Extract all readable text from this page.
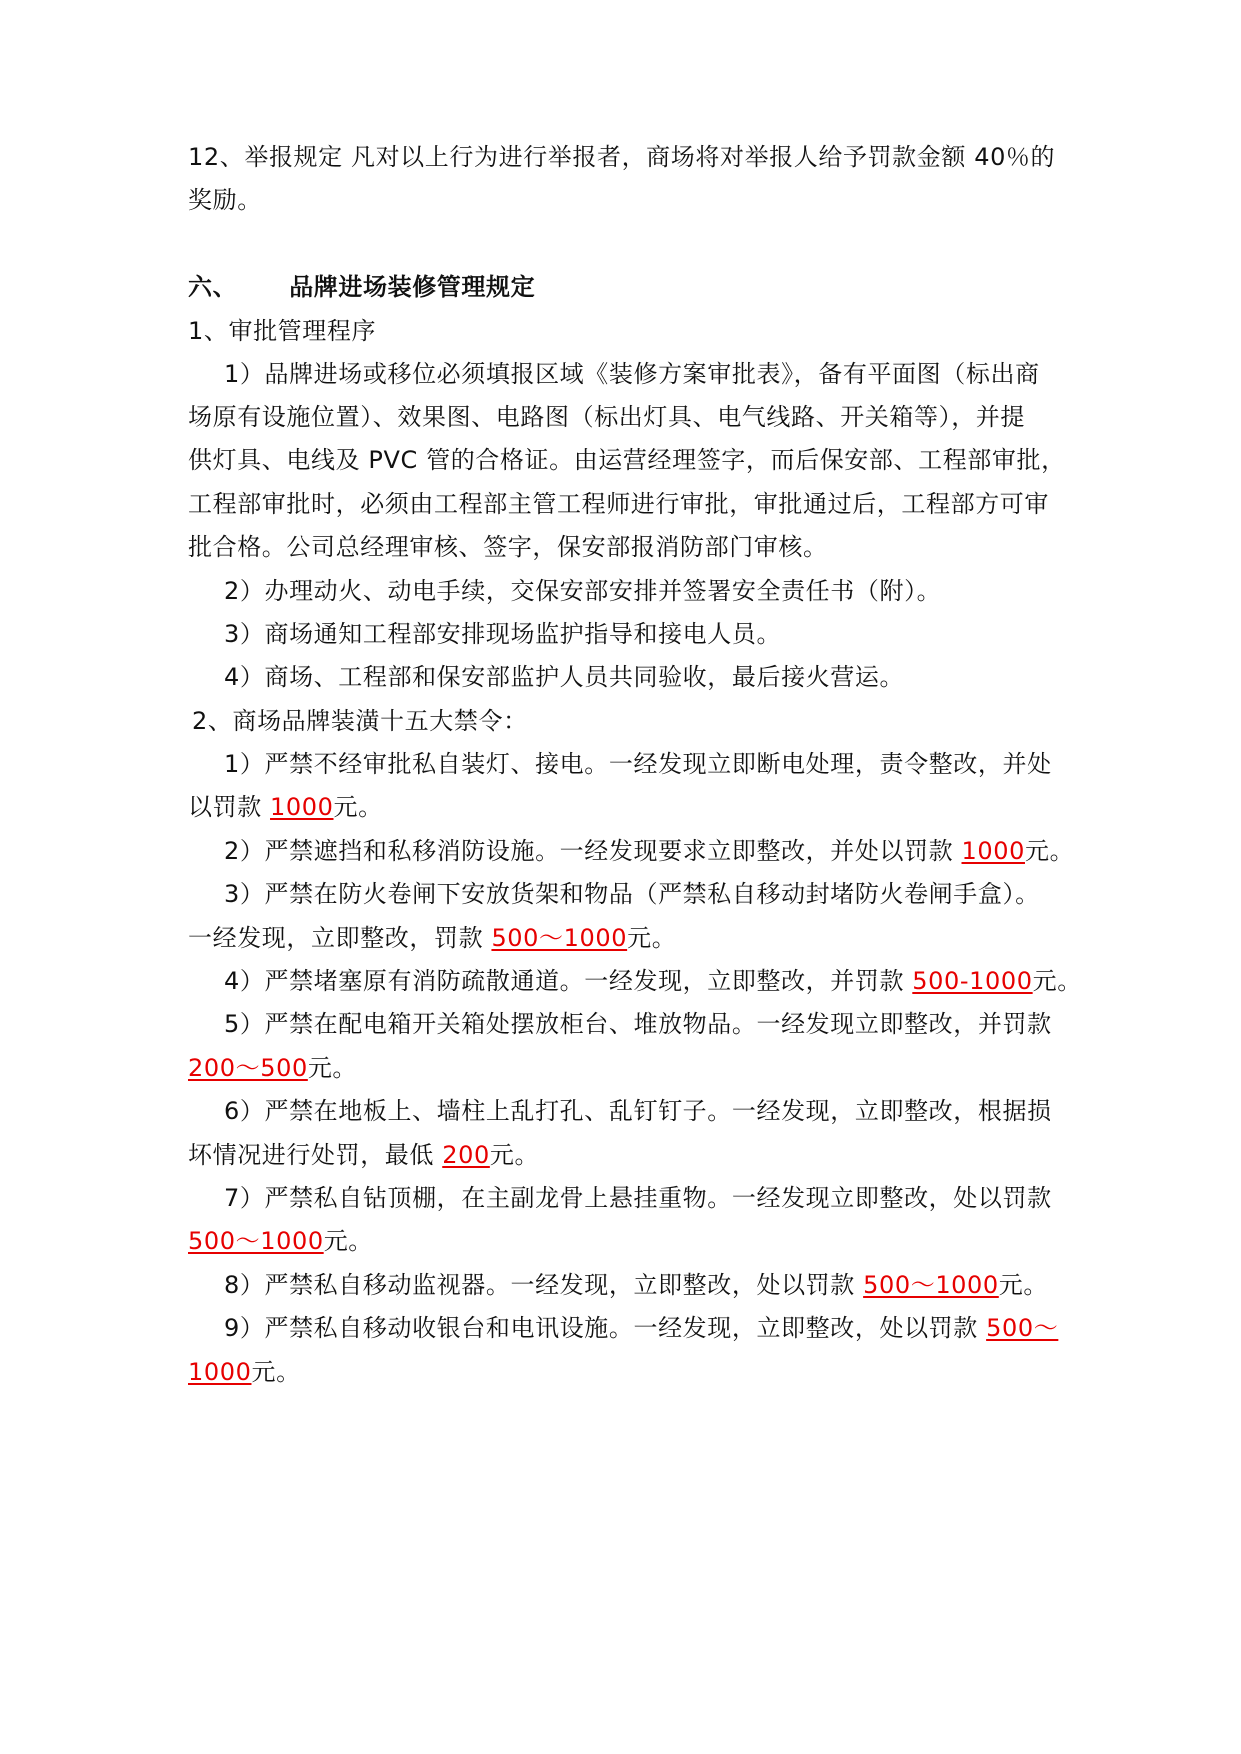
12、举报规定 凡对以上行为进行举报者，商场将对举报人给予罚款金额 40％的
奖励。
六、 品牌进场装修管理规定
1、审批管理程序
1）品牌进场或移位必须填报区域《装修方案审批表》，备有平面图（标出商
场原有设施位置）、效果图、电路图（标出灯具、电气线路、开关箱等），并提
供灯具、电线及 PVC 管的合格证。由运营经理签字，而后保安部、工程部审批，
工程部审批时，必须由工程部主管工程师进行审批，审批通过后，工程部方可审
批合格。公司总经理审核、签字，保安部报消防部门审核。
2）办理动火、动电手续，交保安部安排并签署安全责任书（附）。
3）商场通知工程部安排现场监护指导和接电人员。
4）商场、工程部和保安部监护人员共同验收，最后接火营运。
2、商场品牌装潢十五大禁令：
1）严禁不经审批私自装灯、接电。一经发现立即断电处理，责令整改，并处
以罚款 1000元。
2）严禁遮挡和私移消防设施。一经发现要求立即整改，并处以罚款 1000元。
3）严禁在防火卷闸下安放货架和物品（严禁私自移动封堵防火卷闸手盒）。
一经发现，立即整改，罚款 500～1000元。
4）严禁堵塞原有消防疏散通道。一经发现，立即整改，并罚款 500-1000元。
5）严禁在配电箱开关箱处摆放柜台、堆放物品。一经发现立即整改，并罚款
200～500元。
6）严禁在地板上、墙柱上乱打孔、乱钉钉子。一经发现，立即整改，根据损
坏情况进行处罚，最低 200元。
7）严禁私自钻顶棚，在主副龙骨上悬挂重物。一经发现立即整改，处以罚款
500～1000元。
8）严禁私自移动监视器。一经发现，立即整改，处以罚款 500～1000元。
9）严禁私自移动收银台和电讯设施。一经发现，立即整改，处以罚款 500～
1000元。
